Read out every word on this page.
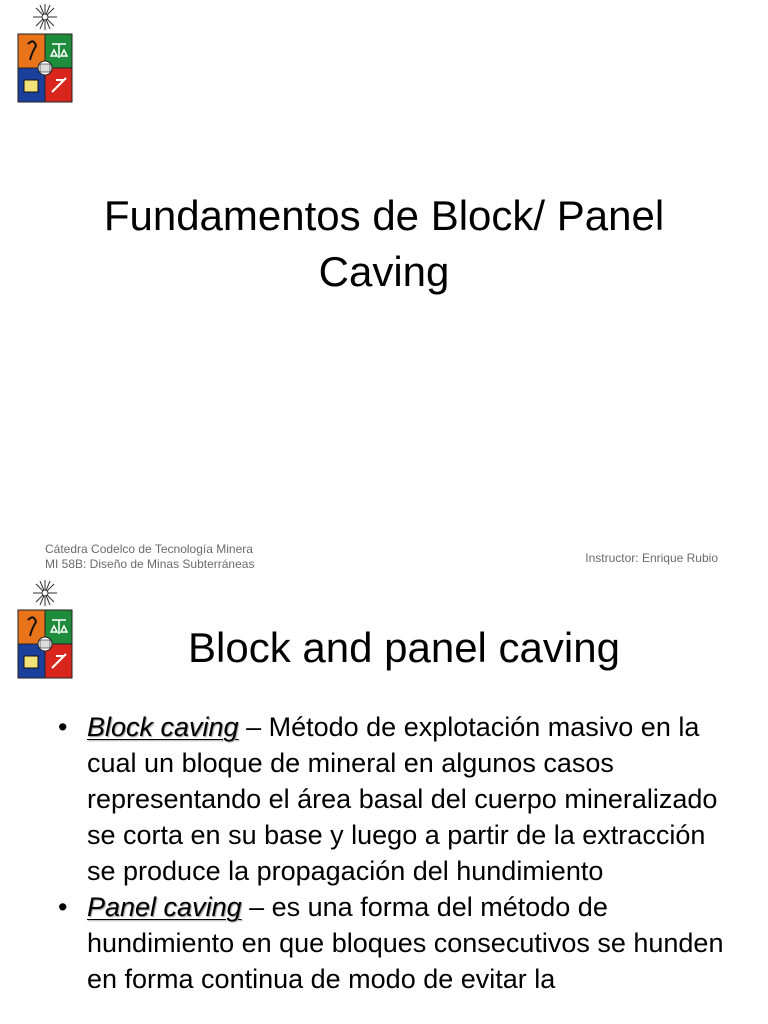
Fundamentos de Block/ Panel
Caving
Cátedra Codelco de Tecnología Minera
MI 58B: Diseño de Minas Subterráneas	Instructor: Enrique Rubio
Block and panel caving
• Block caving – Método de explotación masivo en la cual un bloque de mineral en algunos casos representando el área basal del cuerpo mineralizado se corta en su base y luego a partir de la extracción se produce la propagación del hundimiento
• Panel caving – es una forma del método de hundimiento en que bloques consecutivos se hunden en forma continua de modo de evitar la
